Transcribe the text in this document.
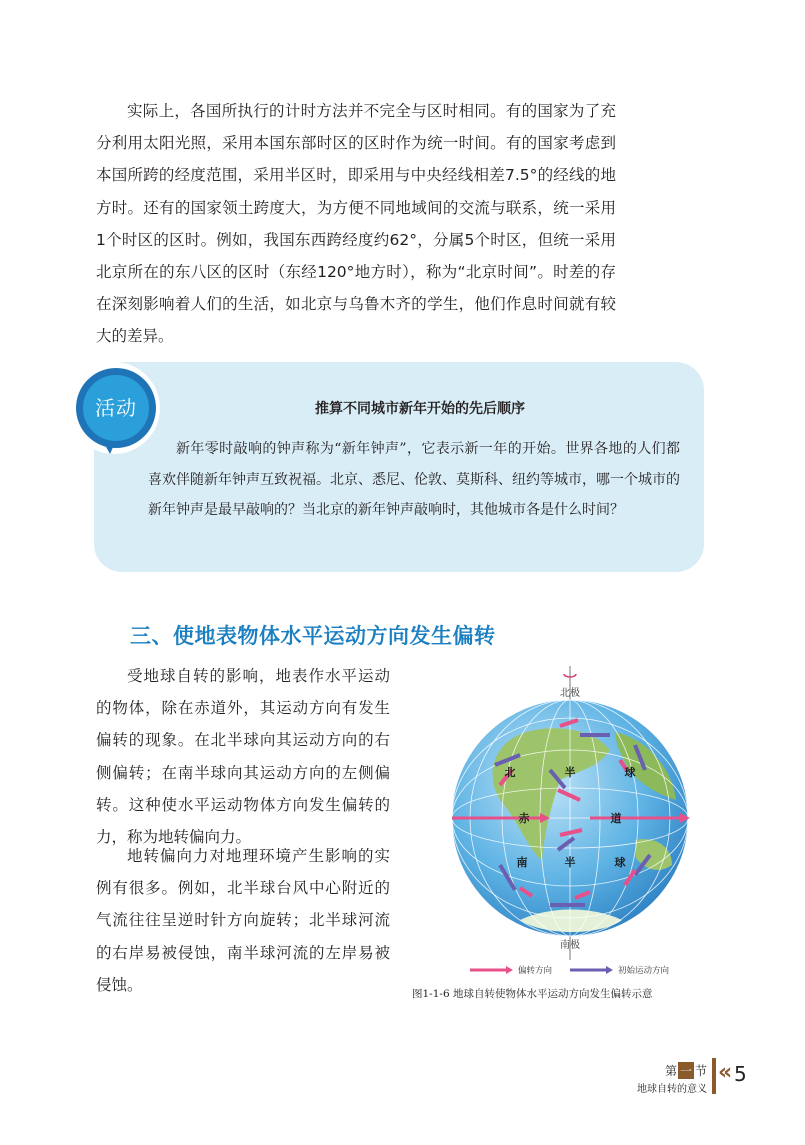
实际上，各国所执行的计时方法并不完全与区时相同。有的国家为了充分利用太阳光照，采用本国东部时区的区时作为统一时间。有的国家考虑到本国所跨的经度范围，采用半区时，即采用与中央经线相差7.5°的经线的地方时。还有的国家领土跨度大，为方便不同地域间的交流与联系，统一采用1个时区的区时。例如，我国东西跨经度约62°，分属5个时区，但统一采用北京所在的东八区的区时（东经120°地方时），称为“北京时间”。时差的存在深刻影响着人们的生活，如北京与乌鲁木齐的学生，他们作息时间就有较大的差异。

活动	推算不同城市新年开始的先后顺序

新年零时敲响的钟声称为“新年钟声”，它表示新一年的开始。世界各地的人们都喜欢伴随新年钟声互致祝福。北京、悉尼、伦敦、莫斯科、纽约等城市，哪一个城市的新年钟声是最早敲响的？当北京的新年钟声敲响时，其他城市各是什么时间？

三、使地表物体水平运动方向发生偏转

受地球自转的影响，地表作水平运动的物体，除在赤道外，其运动方向有发生偏转的现象。在北半球向其运动方向的右侧偏转；在南半球向其运动方向的左侧偏转。这种使水平运动物体方向发生偏转的力，称为地转偏向力。

地转偏向力对地理环境产生影响的实例有很多。例如，北半球台风中心附近的气流往往呈逆时针方向旋转；北半球河流的右岸易被侵蚀，南半球河流的左岸易被侵蚀。

北极
北	半	球
赤	道
南	半	球
南极
偏转方向	初始运动方向
图1-1-6 地球自转使物体水平运动方向发生偏转示意
第 一 节
地球自转的意义
« 5
